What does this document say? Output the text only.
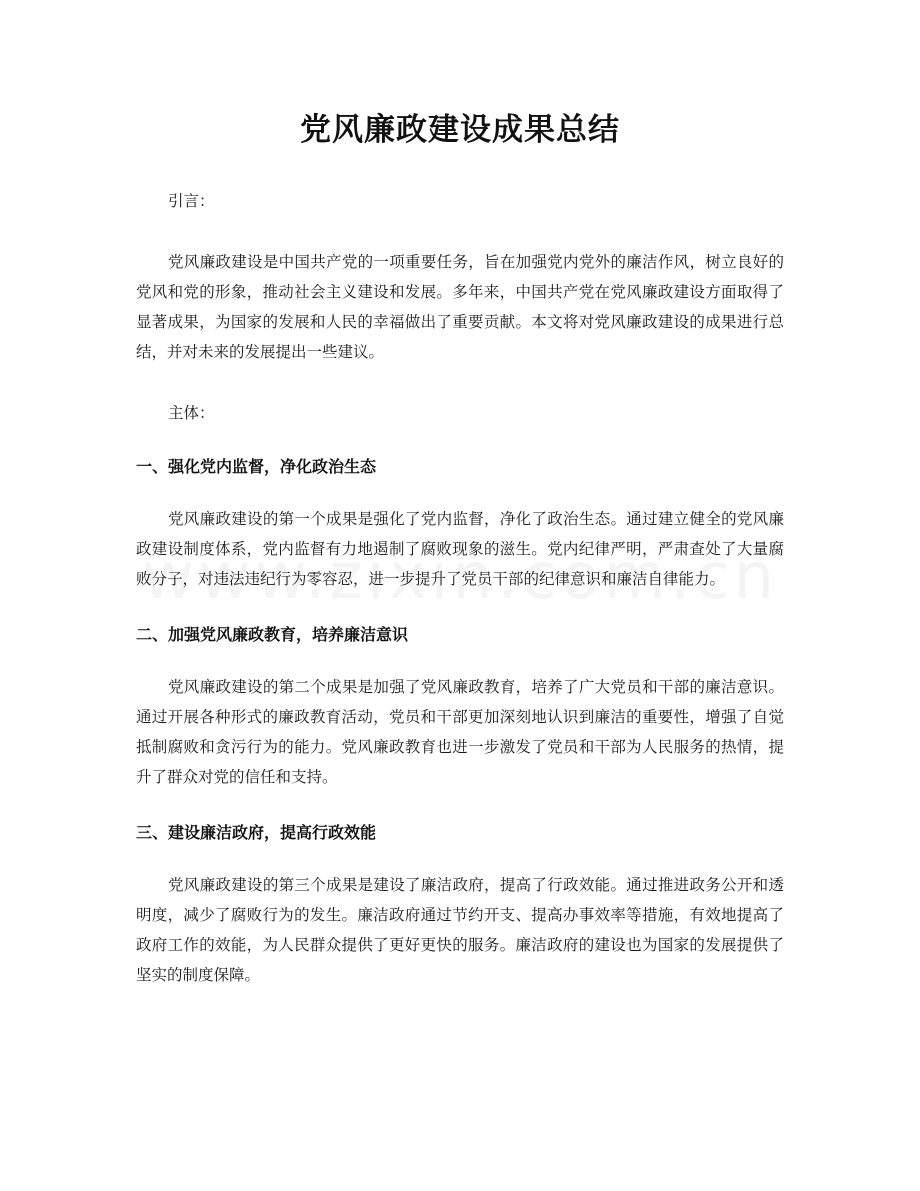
党风廉政建设成果总结

引言：

党风廉政建设是中国共产党的一项重要任务，旨在加强党内党外的廉洁作风，树立良好的党风和党的形象，推动社会主义建设和发展。多年来，中国共产党在党风廉政建设方面取得了显著成果，为国家的发展和人民的幸福做出了重要贡献。本文将对党风廉政建设的成果进行总结，并对未来的发展提出一些建议。

主体：

一、强化党内监督，净化政治生态

党风廉政建设的第一个成果是强化了党内监督，净化了政治生态。通过建立健全的党风廉政建设制度体系，党内监督有力地遏制了腐败现象的滋生。党内纪律严明，严肃查处了大量腐败分子，对违法违纪行为零容忍，进一步提升了党员干部的纪律意识和廉洁自律能力。

二、加强党风廉政教育，培养廉洁意识

党风廉政建设的第二个成果是加强了党风廉政教育，培养了广大党员和干部的廉洁意识。通过开展各种形式的廉政教育活动，党员和干部更加深刻地认识到廉洁的重要性，增强了自觉抵制腐败和贪污行为的能力。党风廉政教育也进一步激发了党员和干部为人民服务的热情，提升了群众对党的信任和支持。

三、建设廉洁政府，提高行政效能

党风廉政建设的第三个成果是建设了廉洁政府，提高了行政效能。通过推进政务公开和透明度，减少了腐败行为的发生。廉洁政府通过节约开支、提高办事效率等措施，有效地提高了政府工作的效能，为人民群众提供了更好更快的服务。廉洁政府的建设也为国家的发展提供了坚实的制度保障。
